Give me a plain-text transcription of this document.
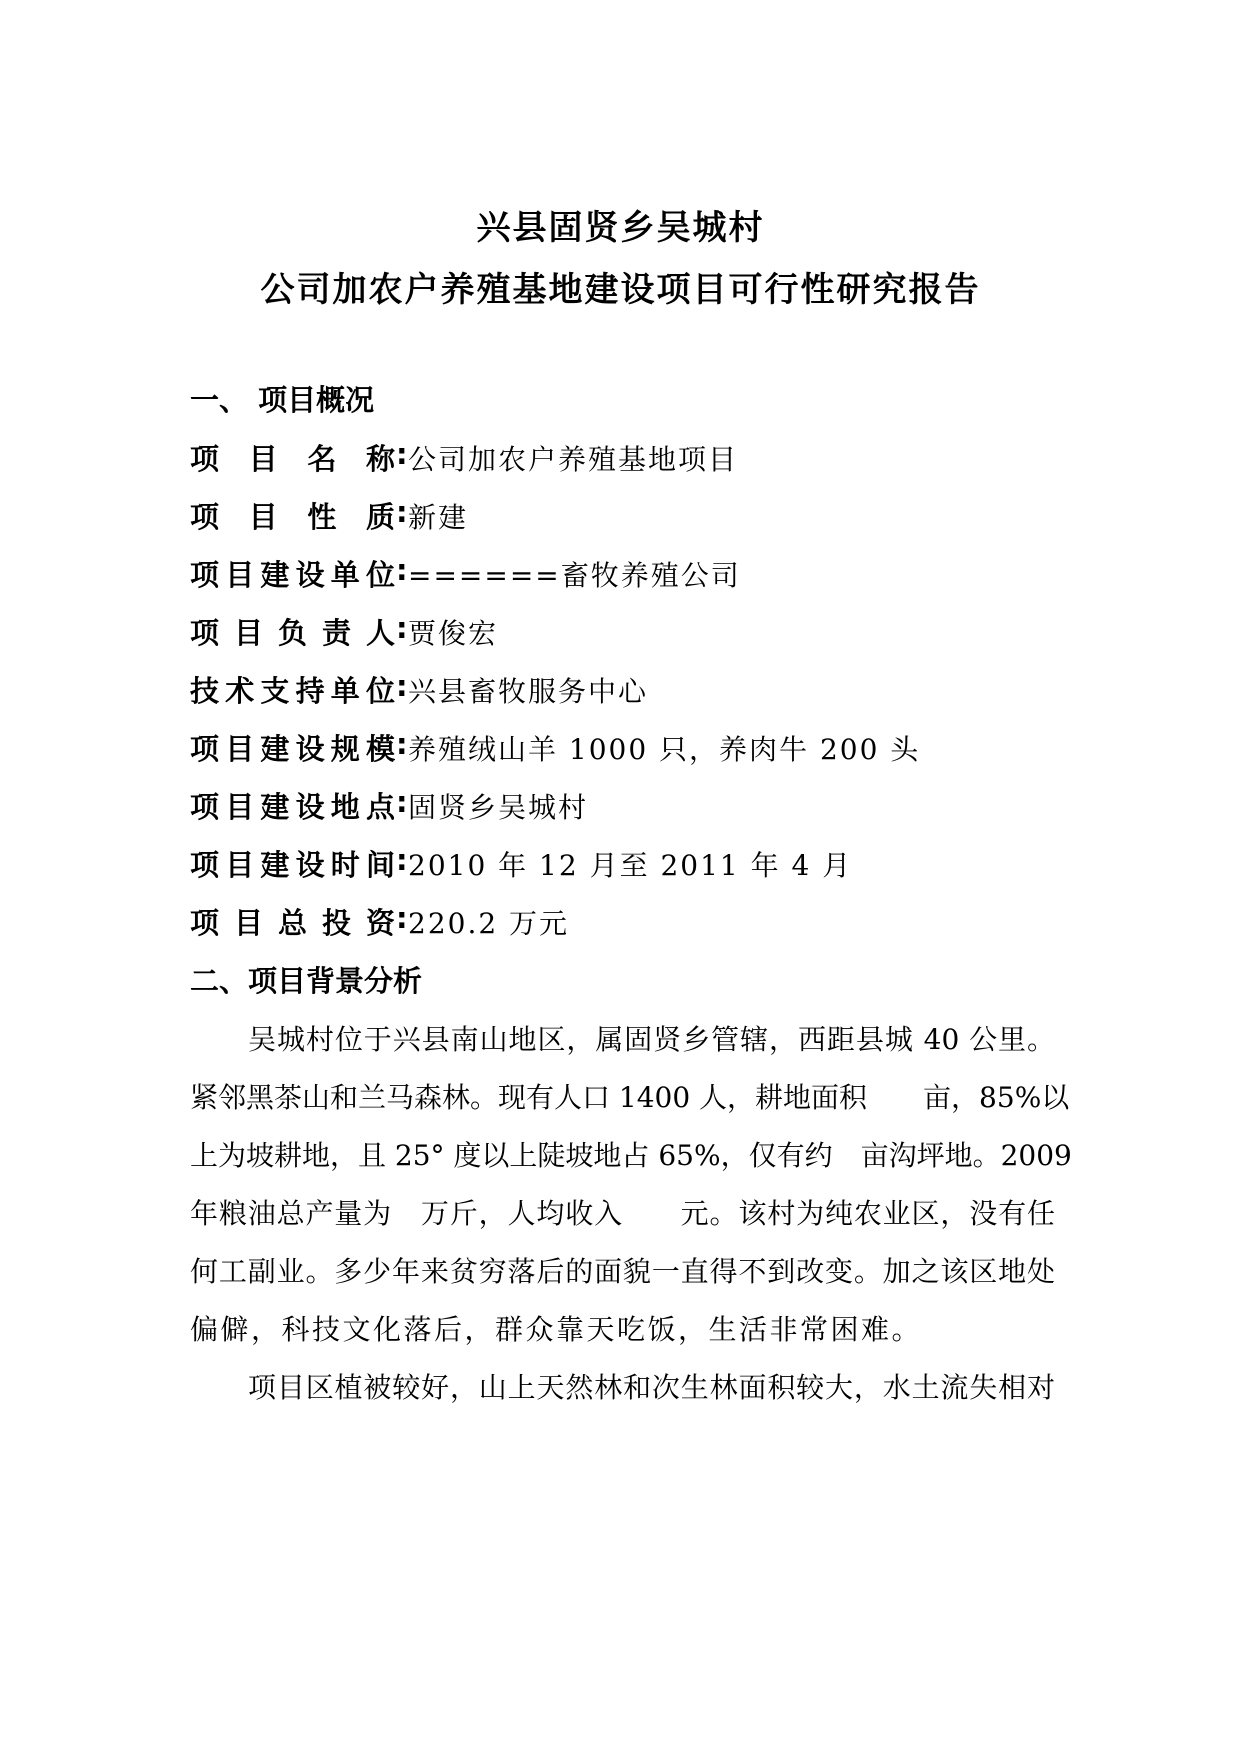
兴县固贤乡吴城村
公司加农户养殖基地建设项目可行性研究报告
一、 项目概况
项目名称 : 公司加农户养殖基地项目
项目性质 : 新建
项目建设单位 : ======畜牧养殖公司
项目负责人 : 贾俊宏
技术支持单位 : 兴县畜牧服务中心
项目建设规模 : 养殖绒山羊 1000 只，养肉牛 200 头
项目建设地点 : 固贤乡吴城村
项目建设时间 : 2010 年 12 月至 2011 年 4 月
项目总投资 : 220.2 万元
二、项目背景分析
吴城村位于兴县南山地区，属固贤乡管辖，西距县城 40 公里。
紧邻黑茶山和兰马森林。现有人口 1400 人，耕地面积　　亩，85%以
上为坡耕地，且 25° 度以上陡坡地占 65%，仅有约　亩沟坪地。2009
年粮油总产量为　万斤，人均收入　　元。该村为纯农业区，没有任
何工副业。多少年来贫穷落后的面貌一直得不到改变。加之该区地处
偏僻，科技文化落后，群众靠天吃饭，生活非常困难。
项目区植被较好，山上天然林和次生林面积较大，水土流失相对
